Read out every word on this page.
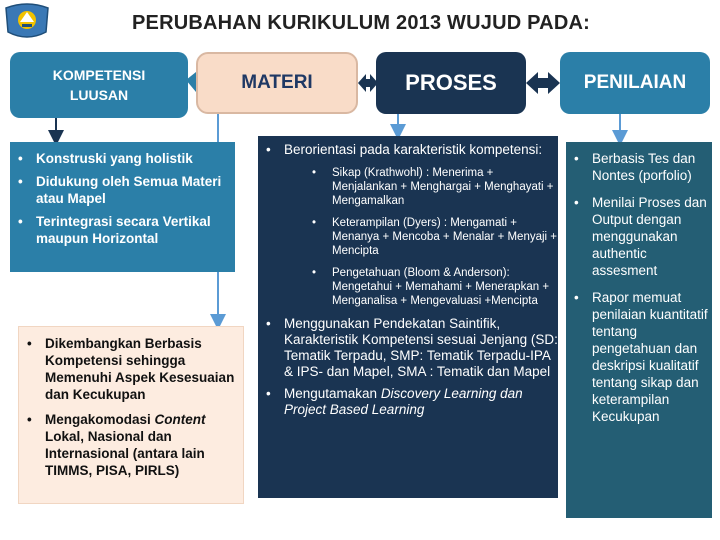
PERUBAHAN KURIKULUM 2013 WUJUD PADA:
KOMPETENSI
LUUSAN
MATERI	PROSES	PENILAIAN
• Konstruski yang holistik
• Didukung oleh Semua Materi atau Mapel
• Terintegrasi secara Vertikal maupun Horizontal
• Dikembangkan Berbasis Kompetensi sehingga Memenuhi Aspek Kesesuaian dan Kecukupan
• Mengakomodasi Content Lokal, Nasional dan Internasional (antara lain TIMMS, PISA, PIRLS)
• Berorientasi pada karakteristik kompetensi:
• Sikap (Krathwohl) : Menerima + Menjalankan + Menghargai + Menghayati + Mengamalkan
• Keterampilan (Dyers) : Mengamati + Menanya + Mencoba + Menalar + Menyaji + Mencipta
• Pengetahuan (Bloom & Anderson): Mengetahui + Memahami + Menerapkan + Menganalisa + Mengevaluasi +Mencipta
• Menggunakan Pendekatan Saintifik, Karakteristik Kompetensi sesuai Jenjang (SD: Tematik Terpadu, SMP: Tematik Terpadu-IPA & IPS- dan Mapel, SMA : Tematik dan Mapel
• Mengutamakan Discovery Learning dan Project Based Learning
• Berbasis Tes dan Nontes (porfolio)
• Menilai Proses dan Output dengan menggunakan authentic assesment
• Rapor memuat penilaian kuantitatif tentang pengetahuan dan deskripsi kualitatif tentang sikap dan keterampilan Kecukupan
